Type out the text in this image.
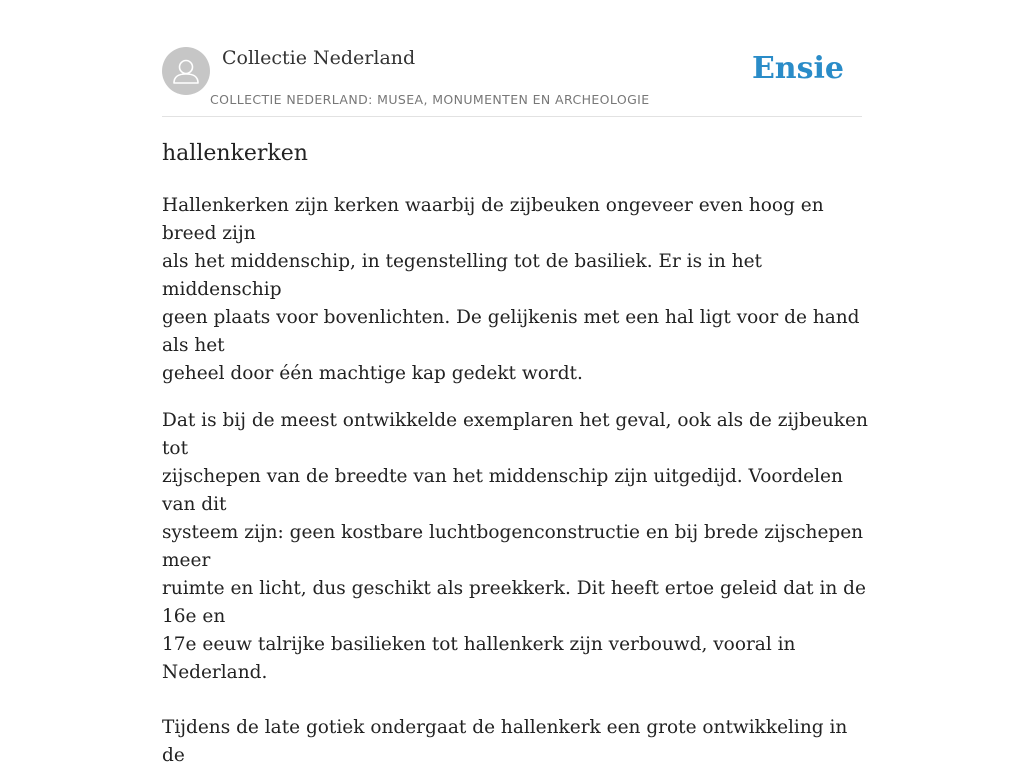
Collectie Nederland
COLLECTIE NEDERLAND: MUSEA, MONUMENTEN EN ARCHEOLOGIE
Ensie
hallenkerken

Hallenkerken zijn kerken waarbij de zijbeuken ongeveer even hoog en breed zijn
als het middenschip, in tegenstelling tot de basiliek. Er is in het middenschip
geen plaats voor bovenlichten. De gelijkenis met een hal ligt voor de hand als het
geheel door één machtige kap gedekt wordt.

Dat is bij de meest ontwikkelde exemplaren het geval, ook als de zijbeuken tot
zijschepen van de breedte van het middenschip zijn uitgedijd. Voordelen van dit
systeem zijn: geen kostbare luchtbogenconstructie en bij brede zijschepen meer
ruimte en licht, dus geschikt als preekkerk. Dit heeft ertoe geleid dat in de 16e en
17e eeuw talrijke basilieken tot hallenkerk zijn verbouwd, vooral in Nederland.

Tijdens de late gotiek ondergaat de hallenkerk een grote ontwikkeling in de
